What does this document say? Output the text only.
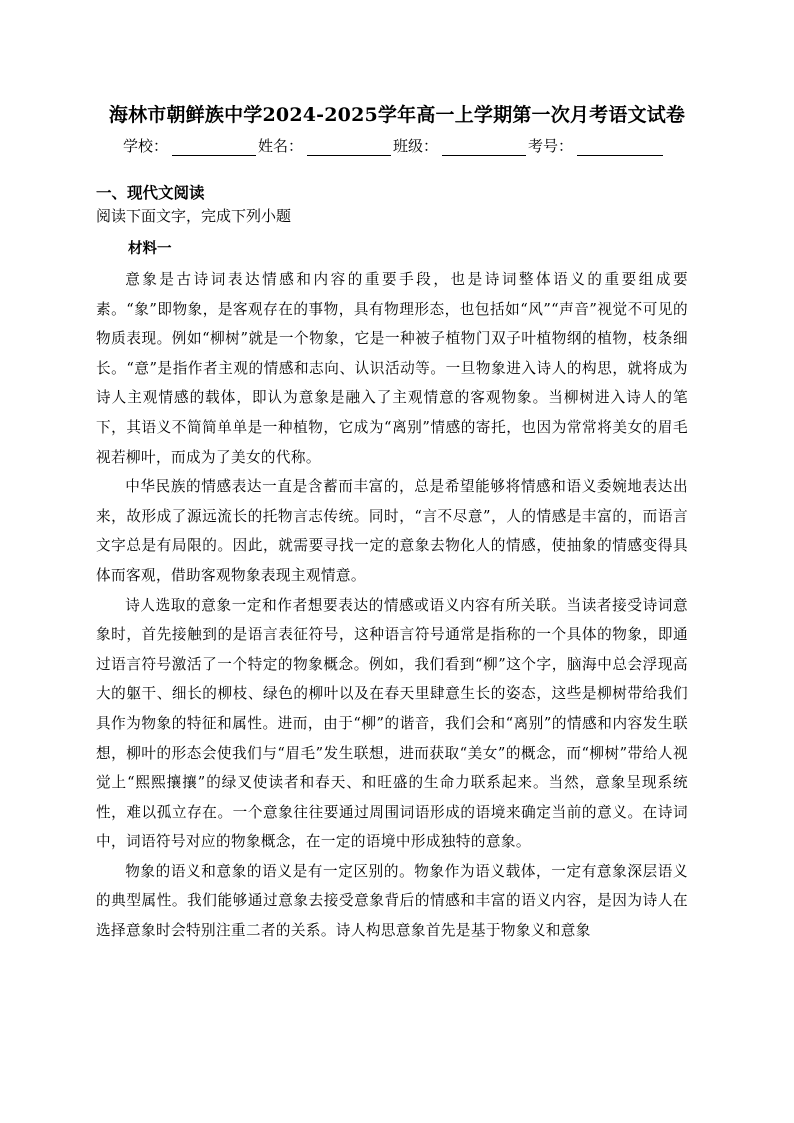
海林市朝鲜族中学2024-2025学年高一上学期第一次月考语文试卷
学校：	姓名：	班级：	考号：
一、现代文阅读
阅读下面文字，完成下列小题
材料一

意象是古诗词表达情感和内容的重要手段，也是诗词整体语义的重要组成要素。“象”即物象，是客观存在的事物，具有物理形态，也包括如“风”“声音”视觉不可见的物质表现。例如“柳树”就是一个物象，它是一种被子植物门双子叶植物纲的植物，枝条细长。“意”是指作者主观的情感和志向、认识活动等。一旦物象进入诗人的构思，就将成为诗人主观情感的载体，即认为意象是融入了主观情意的客观物象。当柳树进入诗人的笔下，其语义不简简单单是一种植物，它成为“离别”情感的寄托，也因为常常将美女的眉毛视若柳叶，而成为了美女的代称。

中华民族的情感表达一直是含蓄而丰富的，总是希望能够将情感和语义委婉地表达出来，故形成了源远流长的托物言志传统。同时，“言不尽意”，人的情感是丰富的，而语言文字总是有局限的。因此，就需要寻找一定的意象去物化人的情感，使抽象的情感变得具体而客观，借助客观物象表现主观情意。

诗人选取的意象一定和作者想要表达的情感或语义内容有所关联。当读者接受诗词意象时，首先接触到的是语言表征符号，这种语言符号通常是指称的一个具体的物象，即通过语言符号激活了一个特定的物象概念。例如，我们看到“柳”这个字，脑海中总会浮现高大的躯干、细长的柳枝、绿色的柳叶以及在春天里肆意生长的姿态，这些是柳树带给我们具作为物象的特征和属性。进而，由于“柳”的谐音，我们会和“离别”的情感和内容发生联想，柳叶的形态会使我们与“眉毛”发生联想，进而获取“美女”的概念，而“柳树”带给人视觉上“熙熙攘攘”的绿叉使读者和春天、和旺盛的生命力联系起来。当然，意象呈现系统性，难以孤立存在。一个意象往往要通过周围词语形成的语境来确定当前的意义。在诗词中，词语符号对应的物象概念，在一定的语境中形成独特的意象。

物象的语义和意象的语义是有一定区别的。物象作为语义载体，一定有意象深层语义的典型属性。我们能够通过意象去接受意象背后的情感和丰富的语义内容，是因为诗人在选择意象时会特别注重二者的关系。诗人构思意象首先是基于物象义和意象
